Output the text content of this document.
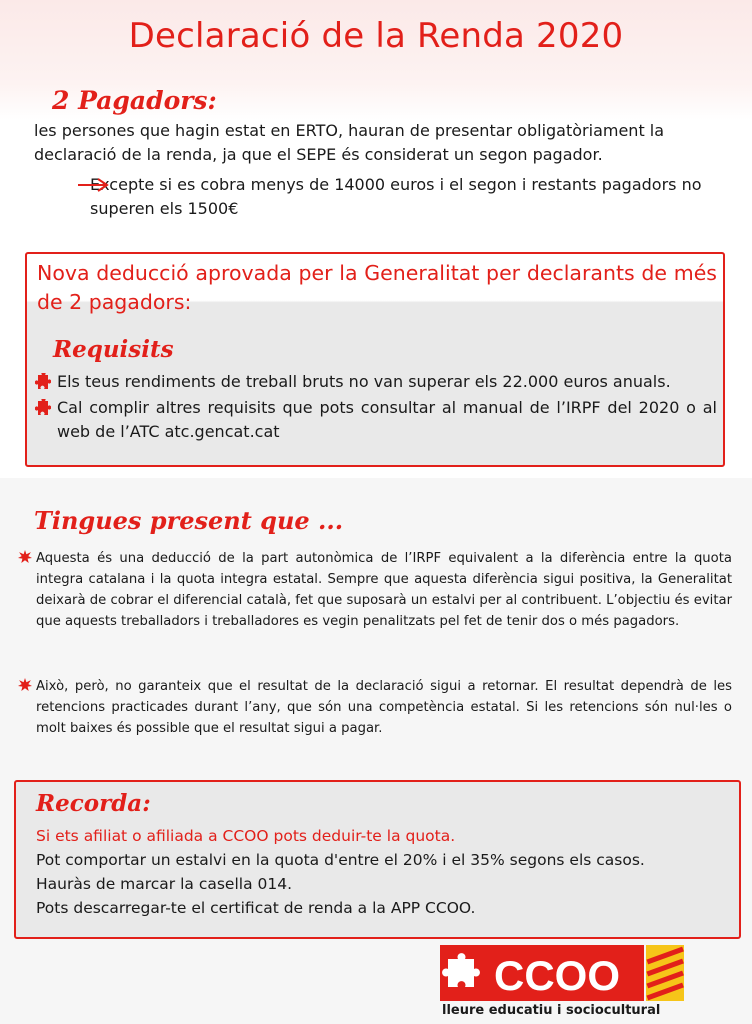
Declaració de la Renda 2020
2 Pagadors:

les persones que hagin estat en ERTO, hauran de presentar obligatòriament la declaració de la renda, ja que el SEPE és considerat un segon pagador.

Excepte si es cobra menys de 14000 euros i el segon i restants pagadors no superen els 1500€

Nova deducció aprovada per la Generalitat per declarants de més de 2 pagadors:

Requisits
Els teus rendiments de treball bruts no van superar els 22.000 euros anuals.
Cal complir altres requisits que pots consultar al manual de l’IRPF del 2020 o al web de l’ATC atc.gencat.cat
Tingues present que ...
Aquesta és una deducció de la part autonòmica de l’IRPF equivalent a la diferència entre la quota integra catalana i la quota integra estatal. Sempre que aquesta diferència sigui positiva, la Generalitat deixarà de cobrar el diferencial català, fet que suposarà un estalvi per al contribuent. L’objectiu és evitar que aquests treballadors i treballadores es vegin penalitzats pel fet de tenir dos o més pagadors.
Això, però, no garanteix que el resultat de la declaració sigui a retornar. El resultat dependrà de les retencions practicades durant l’any, que són una competència estatal. Si les retencions són nul·les o molt baixes és possible que el resultat sigui a pagar.
Recorda:
Si ets afiliat o afiliada a CCOO pots deduir-te la quota.
Pot comportar un estalvi en la quota d'entre el 20% i el 35% segons els casos.
Hauràs de marcar la casella 014.
Pots descarregar-te el certificat de renda a la APP CCOO.
CCOO
lleure educatiu i sociocultural
